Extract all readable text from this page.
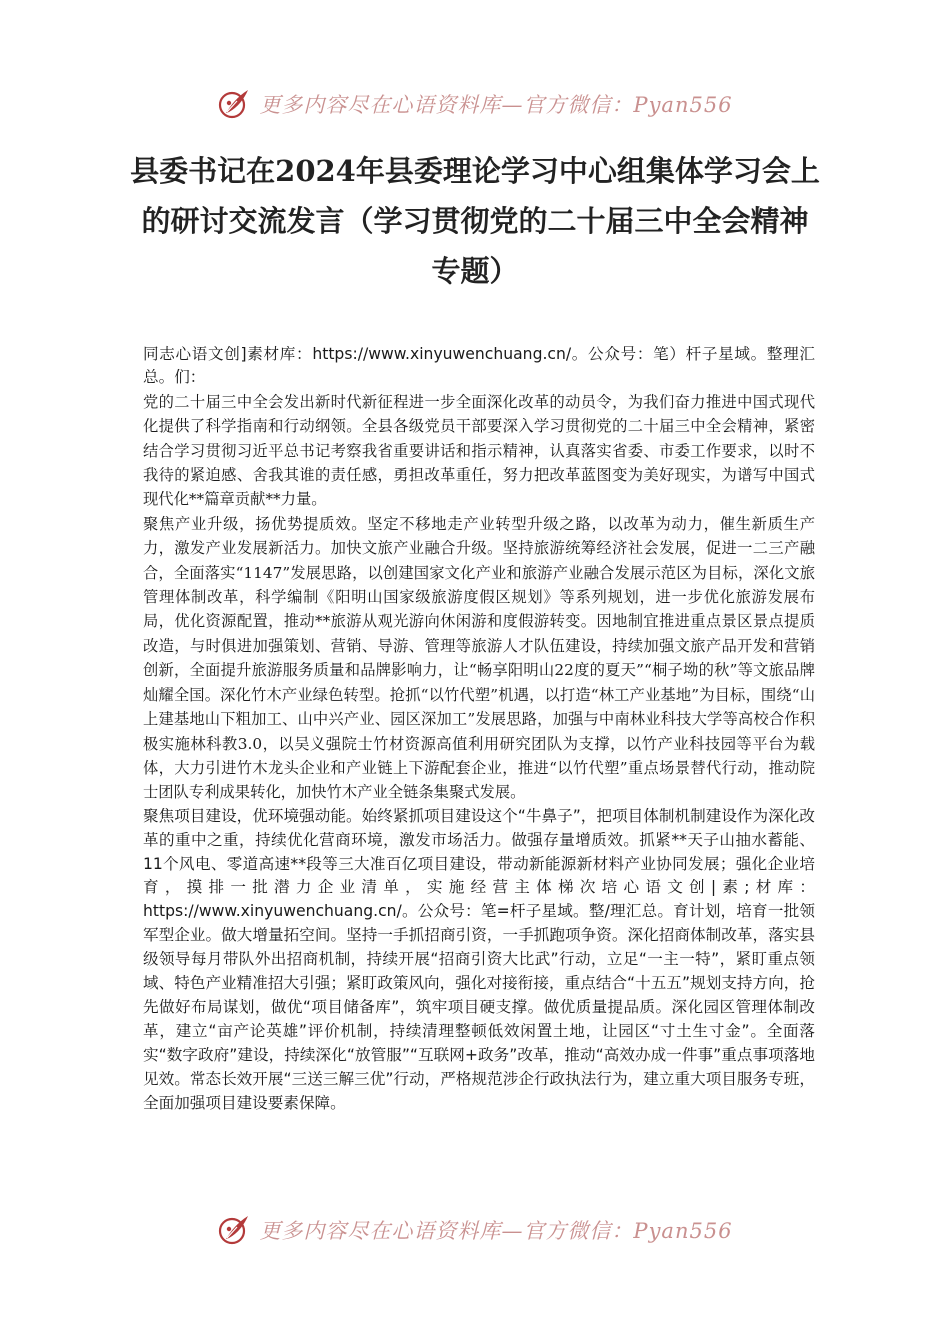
更多内容尽在心语资料库—官方微信：Pyan556
县委书记在2024年县委理论学习中心组集体学习会上的研讨交流发言（学习贯彻党的二十届三中全会精神专题）

同志心语文创]素材库：https://www.xinyuwenchuang.cn/。公众号：笔）杆子星域。整理汇总。们：

党的二十届三中全会发出新时代新征程进一步全面深化改革的动员令，为我们奋力推进中国式现代化提供了科学指南和行动纲领。全县各级党员干部要深入学习贯彻党的二十届三中全会精神，紧密结合学习贯彻习近平总书记考察我省重要讲话和指示精神，认真落实省委、市委工作要求，以时不我待的紧迫感、舍我其谁的责任感，勇担改革重任，努力把改革蓝图变为美好现实，为谱写中国式现代化**篇章贡献**力量。

聚焦产业升级，扬优势提质效。坚定不移地走产业转型升级之路，以改革为动力，催生新质生产力，激发产业发展新活力。加快文旅产业融合升级。坚持旅游统筹经济社会发展，促进一二三产融合，全面落实“1147”发展思路，以创建国家文化产业和旅游产业融合发展示范区为目标，深化文旅管理体制改革，科学编制《阳明山国家级旅游度假区规划》等系列规划，进一步优化旅游发展布局，优化资源配置，推动**旅游从观光游向休闲游和度假游转变。因地制宜推进重点景区景点提质改造，与时俱进加强策划、营销、导游、管理等旅游人才队伍建设，持续加强文旅产品开发和营销创新，全面提升旅游服务质量和品牌影响力，让“畅享阳明山22度的夏天”“桐子坳的秋”等文旅品牌灿耀全国。深化竹木产业绿色转型。抢抓“以竹代塑”机遇，以打造“林工产业基地”为目标，围绕“山上建基地山下粗加工、山中兴产业、园区深加工”发展思路，加强与中南林业科技大学等高校合作积极实施林科教3.0，以吴义强院士竹材资源高值利用研究团队为支撑，以竹产业科技园等平台为载体，大力引进竹木龙头企业和产业链上下游配套企业，推进“以竹代塑”重点场景替代行动，推动院士团队专利成果转化，加快竹木产业全链条集聚式发展。

聚焦项目建设，优环境强动能。始终紧抓项目建设这个“牛鼻子”，把项目体制机制建设作为深化改革的重中之重，持续优化营商环境，激发市场活力。做强存量增质效。抓紧**天子山抽水蓄能、11个风电、零道高速**段等三大准百亿项目建设，带动新能源新材料产业协同发展；强化企业培育，摸排一批潜力企业清单，实施经营主体梯次培心语文创|素;材库：https://www.xinyuwenchuang.cn/。公众号：笔=杆子星域。整/理汇总。育计划，培育一批领军型企业。做大增量拓空间。坚持一手抓招商引资，一手抓跑项争资。深化招商体制改革，落实县级领导每月带队外出招商机制，持续开展“招商引资大比武”行动，立足“一主一特”，紧盯重点领域、特色产业精准招大引强；紧盯政策风向，强化对接衔接，重点结合“十五五”规划支持方向，抢先做好布局谋划，做优“项目储备库”，筑牢项目硬支撑。做优质量提品质。深化园区管理体制改革，建立“亩产论英雄”评价机制，持续清理整顿低效闲置土地，让园区“寸土生寸金”。全面落实“数字政府”建设，持续深化“放管服”“互联网+政务”改革，推动“高效办成一件事”重点事项落地见效。常态长效开展“三送三解三优”行动，严格规范涉企行政执法行为，建立重大项目服务专班，全面加强项目建设要素保障。

更多内容尽在心语资料库—官方微信：Pyan556
